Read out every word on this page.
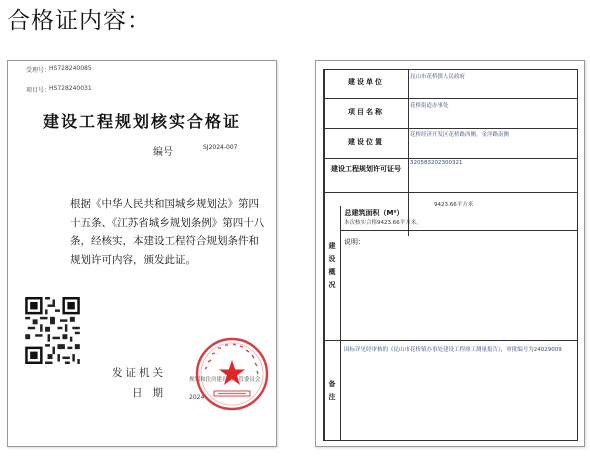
合格证内容：
受理号：
HS728240085
项目号：
HS728240031
建设工程规划核实合格证
编号	SJ2024-007
根据《中华人民共和国城乡规划法》第四十五条、《江苏省城乡规划条例》第四十八条，经核实，本建设工程符合规划条件和规划许可内容，颁发此证。
发证机关
日期
规划和住房建设局 / 管委员会
2024
建设单位
项目名称
建设位置
建设工程规划许可证号
总建筑面积（M²）
昆山市花桥镇人民政府
花桥街道办事处
花桥经济开发区花桥路西侧，金洋路南侧
320583202300321
9423.66平方米
本次核实合格9423.66平方米。
建设概况
说明：
备注
国标详见经审核的《昆山市花桥镇办事处建设工程竣工测量报告》，审批编号为24029009
